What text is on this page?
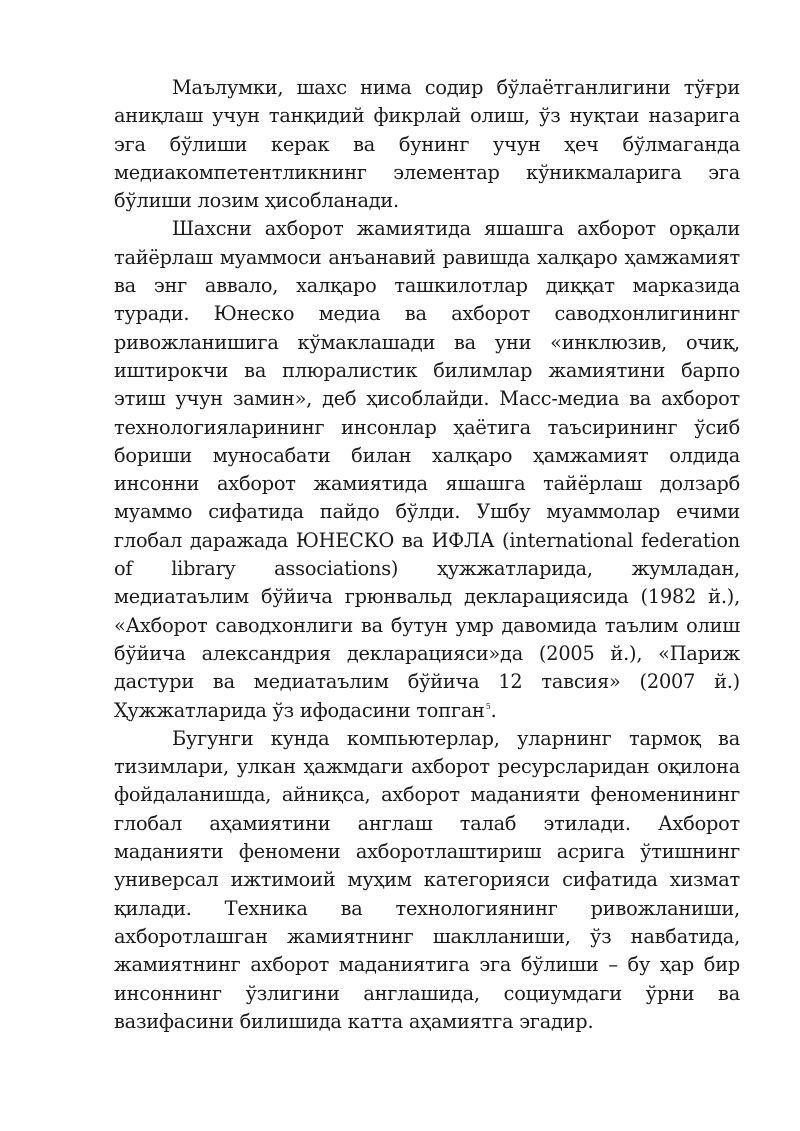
Маълумки, шахс нима содир бўлаётганлигини тўғри аниқлаш учун танқидий фикрлай олиш, ўз нуқтаи назарига эга бўлиши керак ва бунинг учун ҳеч бўлмаганда медиакомпетентликнинг элементар кўникмаларига эга бўлиши лозим ҳисобланади.

Шахсни ахборот жамиятида яшашга ахборот орқали тайёрлаш муаммоси анъанавий равишда халқаро ҳамжамият ва энг аввало, халқаро ташкилотлар диққат марказида туради. Юнеско медиа ва ахборот саводхонлигининг ривожланишига кўмаклашади ва уни «инклюзив, очиқ, иштирокчи ва плюралистик билимлар жамиятини барпо этиш учун замин», деб ҳисоблайди. Масс-медиа ва ахборот технологияларининг инсонлар ҳаётига таъсирининг ўсиб бориши муносабати билан халқаро ҳамжамият олдида инсонни ахборот жамиятида яшашга тайёрлаш долзарб муаммо сифатида пайдо бўлди. Ушбу муаммолар ечими глобал даражада ЮНЕСКО ва ИФЛА (international federation of library associations) ҳужжатларида, жумладан, медиатаълим бўйича грюнвальд декларациясида (1982 й.), «Ахборот саводхонлиги ва бутун умр давомида таълим олиш бўйича александрия декларацияси»да (2005 й.), «Париж дастури ва медиатаълим бўйича 12 тавсия» (2007 й.) Ҳужжатларида ўз ифодасини топган$^5$.

Бугунги кунда компьютерлар, уларнинг тармоқ ва тизимлари, улкан ҳажмдаги ахборот ресурсларидан оқилона фойдаланишда, айниқса, ахборот маданияти феноменининг глобал аҳамиятини англаш талаб этилади. Ахборот маданияти феномени ахборотлаштириш асрига ўтишнинг универсал ижтимоий муҳим категорияси сифатида хизмат қилади. Техника ва технологиянинг ривожланиши, ахборотлашган жамиятнинг шаклланиши, ўз навбатида, жамиятнинг ахборот маданиятига эга бўлиши – бу ҳар бир инсоннинг ўзлигини англашида, социумдаги ўрни ва вазифасини билишида катта аҳамиятга эгадир.
